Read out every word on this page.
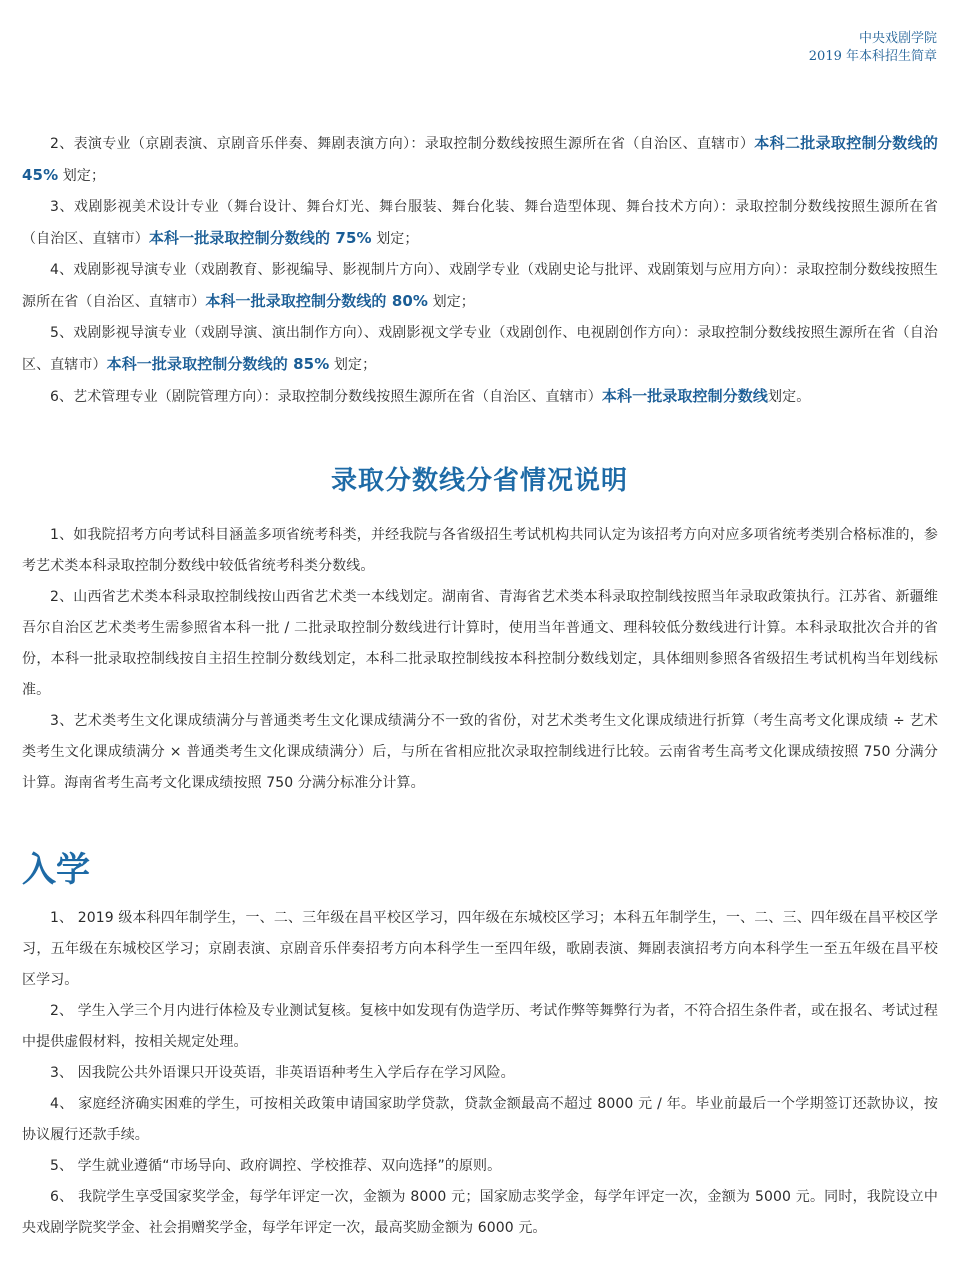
中央戏剧学院
2019 年本科招生简章

2、表演专业（京剧表演、京剧音乐伴奏、舞剧表演方向）：录取控制分数线按照生源所在省（自治区、直辖市）本科二批录取控制分数线的 45% 划定；

3、戏剧影视美术设计专业（舞台设计、舞台灯光、舞台服装、舞台化装、舞台造型体现、舞台技术方向）：录取控制分数线按照生源所在省（自治区、直辖市）本科一批录取控制分数线的 75% 划定；

4、戏剧影视导演专业（戏剧教育、影视编导、影视制片方向）、戏剧学专业（戏剧史论与批评、戏剧策划与应用方向）：录取控制分数线按照生源所在省（自治区、直辖市）本科一批录取控制分数线的 80% 划定；

5、戏剧影视导演专业（戏剧导演、演出制作方向）、戏剧影视文学专业（戏剧创作、电视剧创作方向）：录取控制分数线按照生源所在省（自治区、直辖市）本科一批录取控制分数线的 85% 划定；

6、艺术管理专业（剧院管理方向）：录取控制分数线按照生源所在省（自治区、直辖市）本科一批录取控制分数线划定。

录取分数线分省情况说明

1、如我院招考方向考试科目涵盖多项省统考科类，并经我院与各省级招生考试机构共同认定为该招考方向对应多项省统考类别合格标准的，参考艺术类本科录取控制分数线中较低省统考科类分数线。

2、山西省艺术类本科录取控制线按山西省艺术类一本线划定。湖南省、青海省艺术类本科录取控制线按照当年录取政策执行。江苏省、新疆维吾尔自治区艺术类考生需参照省本科一批 / 二批录取控制分数线进行计算时，使用当年普通文、理科较低分数线进行计算。本科录取批次合并的省份，本科一批录取控制线按自主招生控制分数线划定，本科二批录取控制线按本科控制分数线划定，具体细则参照各省级招生考试机构当年划线标准。

3、艺术类考生文化课成绩满分与普通类考生文化课成绩满分不一致的省份，对艺术类考生文化课成绩进行折算（考生高考文化课成绩 ÷ 艺术类考生文化课成绩满分 × 普通类考生文化课成绩满分）后，与所在省相应批次录取控制线进行比较。云南省考生高考文化课成绩按照 750 分满分计算。海南省考生高考文化课成绩按照 750 分满分标准分计算。

入学

1、 2019 级本科四年制学生，一、二、三年级在昌平校区学习，四年级在东城校区学习；本科五年制学生，一、二、三、四年级在昌平校区学习，五年级在东城校区学习；京剧表演、京剧音乐伴奏招考方向本科学生一至四年级，歌剧表演、舞剧表演招考方向本科学生一至五年级在昌平校区学习。

2、 学生入学三个月内进行体检及专业测试复核。复核中如发现有伪造学历、考试作弊等舞弊行为者，不符合招生条件者，或在报名、考试过程中提供虚假材料，按相关规定处理。

3、 因我院公共外语课只开设英语，非英语语种考生入学后存在学习风险。

4、 家庭经济确实困难的学生，可按相关政策申请国家助学贷款，贷款金额最高不超过 8000 元 / 年。毕业前最后一个学期签订还款协议，按协议履行还款手续。

5、 学生就业遵循“市场导向、政府调控、学校推荐、双向选择”的原则。

6、 我院学生享受国家奖学金，每学年评定一次，金额为 8000 元；国家励志奖学金，每学年评定一次，金额为 5000 元。同时，我院设立中央戏剧学院奖学金、社会捐赠奖学金，每学年评定一次，最高奖励金额为 6000 元。
